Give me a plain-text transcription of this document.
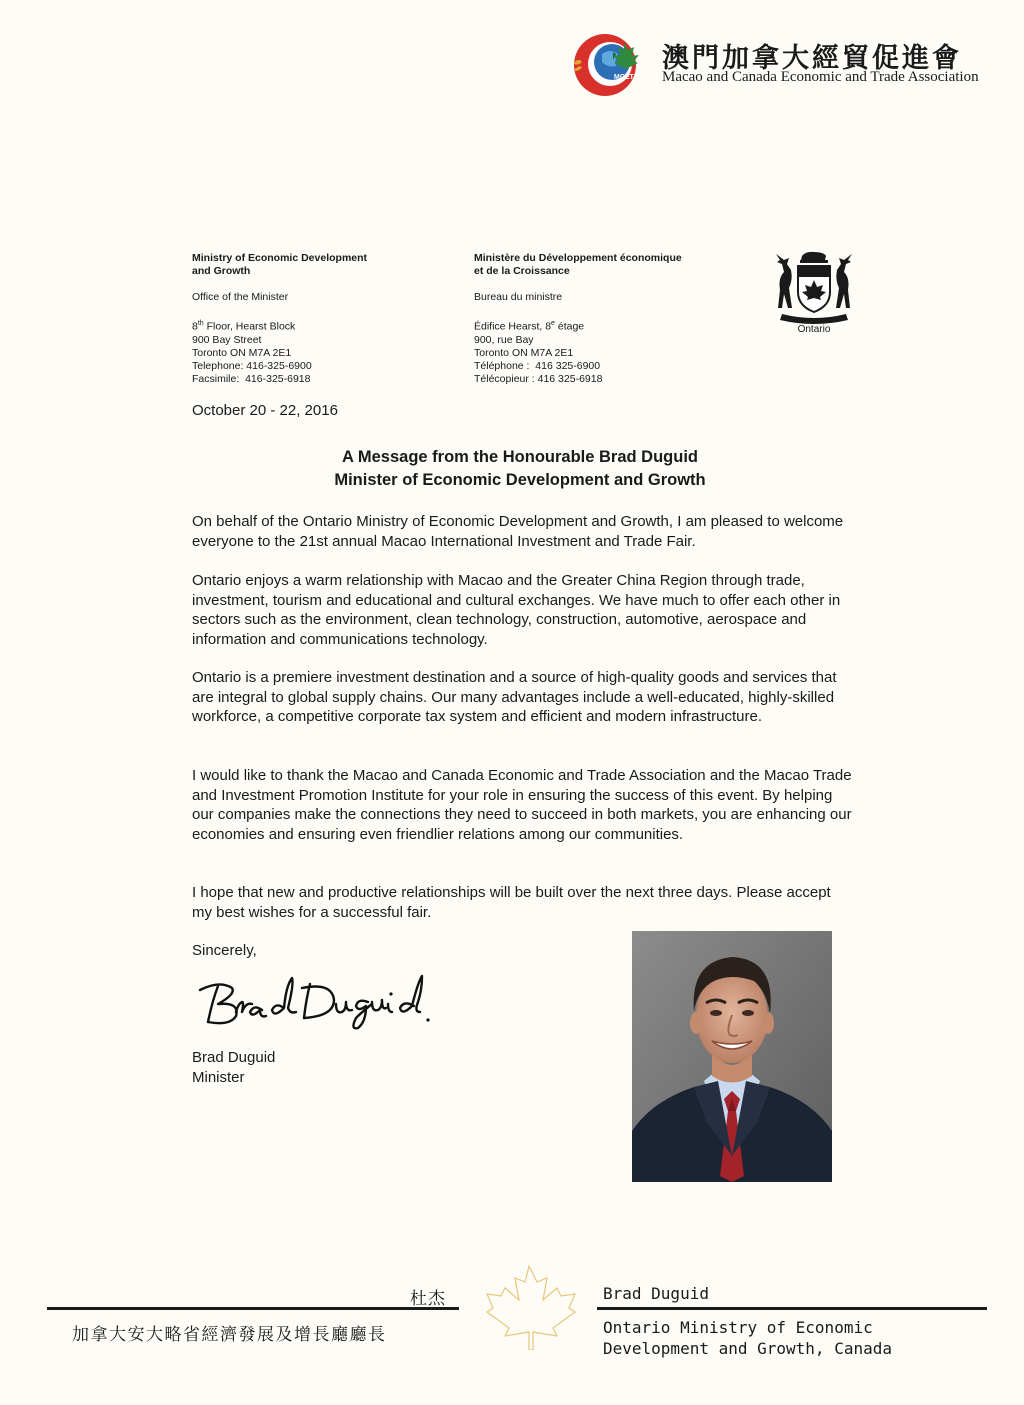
MCETA
澳門加拿大經貿促進會
Macao and Canada Economic and Trade Association
Ministry of Economic Development
and Growth
Office of the Minister
8th Floor, Hearst Block
900 Bay Street
Toronto ON M7A 2E1
Telephone: 416-325-6900
Facsimile:  416-325-6918
Ministère du Développement économique
et de la Croissance
Bureau du ministre
Édifice Hearst, 8e étage
900, rue Bay
Toronto ON M7A 2E1
Téléphone :  416 325-6900
Télécopieur : 416 325-6918
Ontario
October 20 - 22, 2016
A Message from the Honourable Brad Duguid
Minister of Economic Development and Growth
On behalf of the Ontario Ministry of Economic Development and Growth, I am pleased to welcome everyone to the 21st annual Macao International Investment and Trade Fair.
Ontario enjoys a warm relationship with Macao and the Greater China Region through trade, investment, tourism and educational and cultural exchanges. We have much to offer each other in sectors such as the environment, clean technology, construction, automotive, aerospace and information and communications technology.
Ontario is a premiere investment destination and a source of high-quality goods and services that are integral to global supply chains. Our many advantages include a well-educated, highly-skilled workforce, a competitive corporate tax system and efficient and modern infrastructure.
I would like to thank the Macao and Canada Economic and Trade Association and the Macao Trade and Investment Promotion Institute for your role in ensuring the success of this event. By helping our companies make the connections they need to succeed in both markets, you are enhancing our economies and ensuring even friendlier relations among our communities.
I hope that new and productive relationships will be built over the next three days. Please accept my best wishes for a successful fair.
Sincerely,
Brad Duguid
Brad Duguid
Minister
杜杰
加拿大安大略省經濟發展及增長廳廳長
Brad Duguid
Ontario Ministry of Economic
Development and Growth, Canada
